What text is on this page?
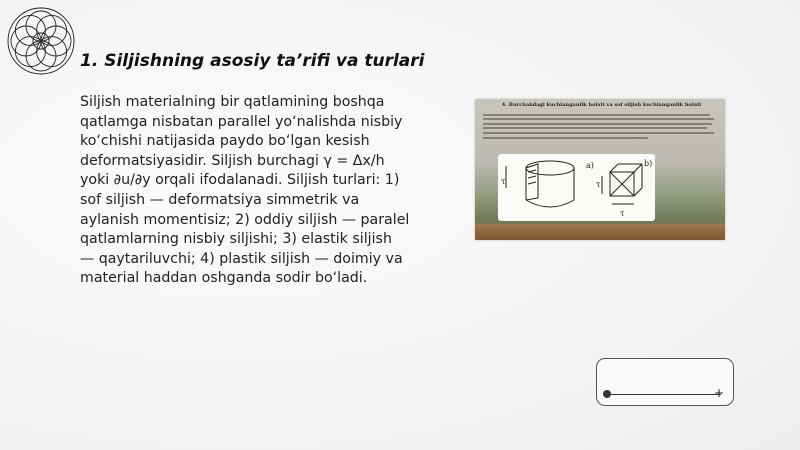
1. Siljishning asosiy ta’rifi va turlari
Siljish materialning bir qatlamining boshqa qatlamga nisbatan parallel yo‘nalishda nisbiy ko‘chishi natijasida paydo bo‘lgan kesish deformatsiyasidir. Siljish burchagi γ = Δx/h yoki ∂u/∂y orqali ifodalanadi. Siljish turlari: 1) sof siljish — deformatsiya simmetrik va aylanish momentisiz; 2) oddiy siljish — paralel qatlamlarning nisbiy siljishi; 3) elastik siljish — qaytariluvchi; 4) plastik siljish — doimiy va material haddan oshganda sodir bo‘ladi.
4. Burchakdagi kuchlanganlik holati va sof siljish kuchlanganlik holati
a)	b)
τ	τ
τ
+
